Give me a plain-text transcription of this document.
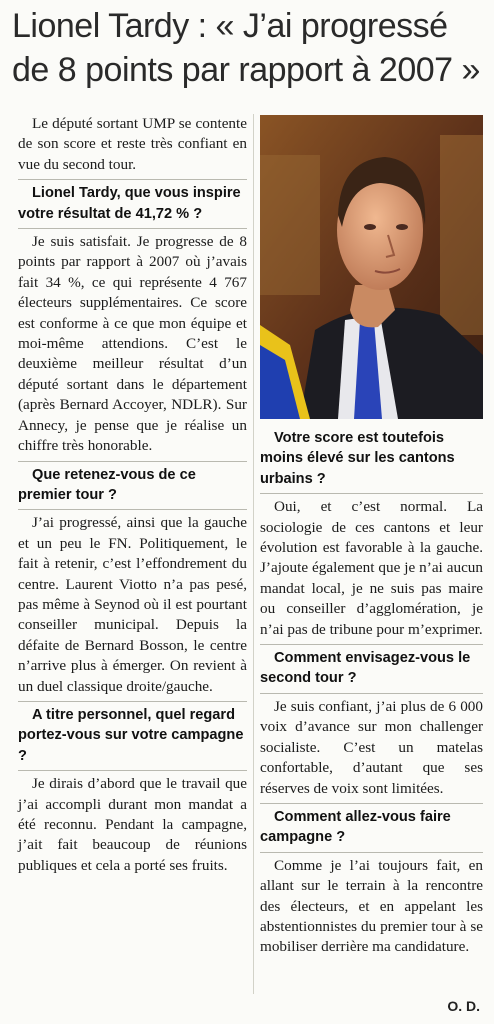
Lionel Tardy : « J’ai progressé
de 8 points par rapport à 2007 »

Le député sortant UMP se contente de son score et reste très confiant en vue du second tour.

Lionel Tardy, que vous inspire votre résultat de 41,72 % ?

Je suis satisfait. Je progresse de 8 points par rapport à 2007 où j’avais fait 34 %, ce qui représente 4 767 électeurs supplémentaires. Ce score est conforme à ce que mon équipe et moi-même attendions. C’est le deuxième meilleur résultat d’un député sortant dans le département (après Bernard Accoyer, NDLR). Sur Annecy, je pense que je réalise un chiffre très honorable.

Que retenez-vous de ce premier tour ?

J’ai progressé, ainsi que la gauche et un peu le FN. Politiquement, le fait à retenir, c’est l’effondrement du centre. Laurent Viotto n’a pas pesé, pas même à Seynod où il est pourtant conseiller municipal. Depuis la défaite de Bernard Bosson, le centre n’arrive plus à émerger. On revient à un duel classique droite/gauche.

A titre personnel, quel regard portez-vous sur votre campagne ?

Je dirais d’abord que le travail que j’ai accompli durant mon mandat a été reconnu. Pendant la campagne, j’ait fait beaucoup de réunions publiques et cela a porté ses fruits.

Votre score est toutefois moins élevé sur les cantons urbains ?

Oui, et c’est normal. La sociologie de ces cantons et leur évolution est favorable à la gauche. J’ajoute également que je n’ai aucun mandat local, je ne suis pas maire ou conseiller d’agglomération, je n’ai pas de tribune pour m’exprimer.

Comment envisagez-vous le second tour ?

Je suis confiant, j’ai plus de 6 000 voix d’avance sur mon challenger socialiste. C’est un matelas confortable, d’autant que ses réserves de voix sont limitées.

Comment allez-vous faire campagne ?

Comme je l’ai toujours fait, en allant sur le terrain à la rencontre des électeurs, et en appelant les abstentionnistes du premier tour à se mobiliser derrière ma candidature.

O. D.
